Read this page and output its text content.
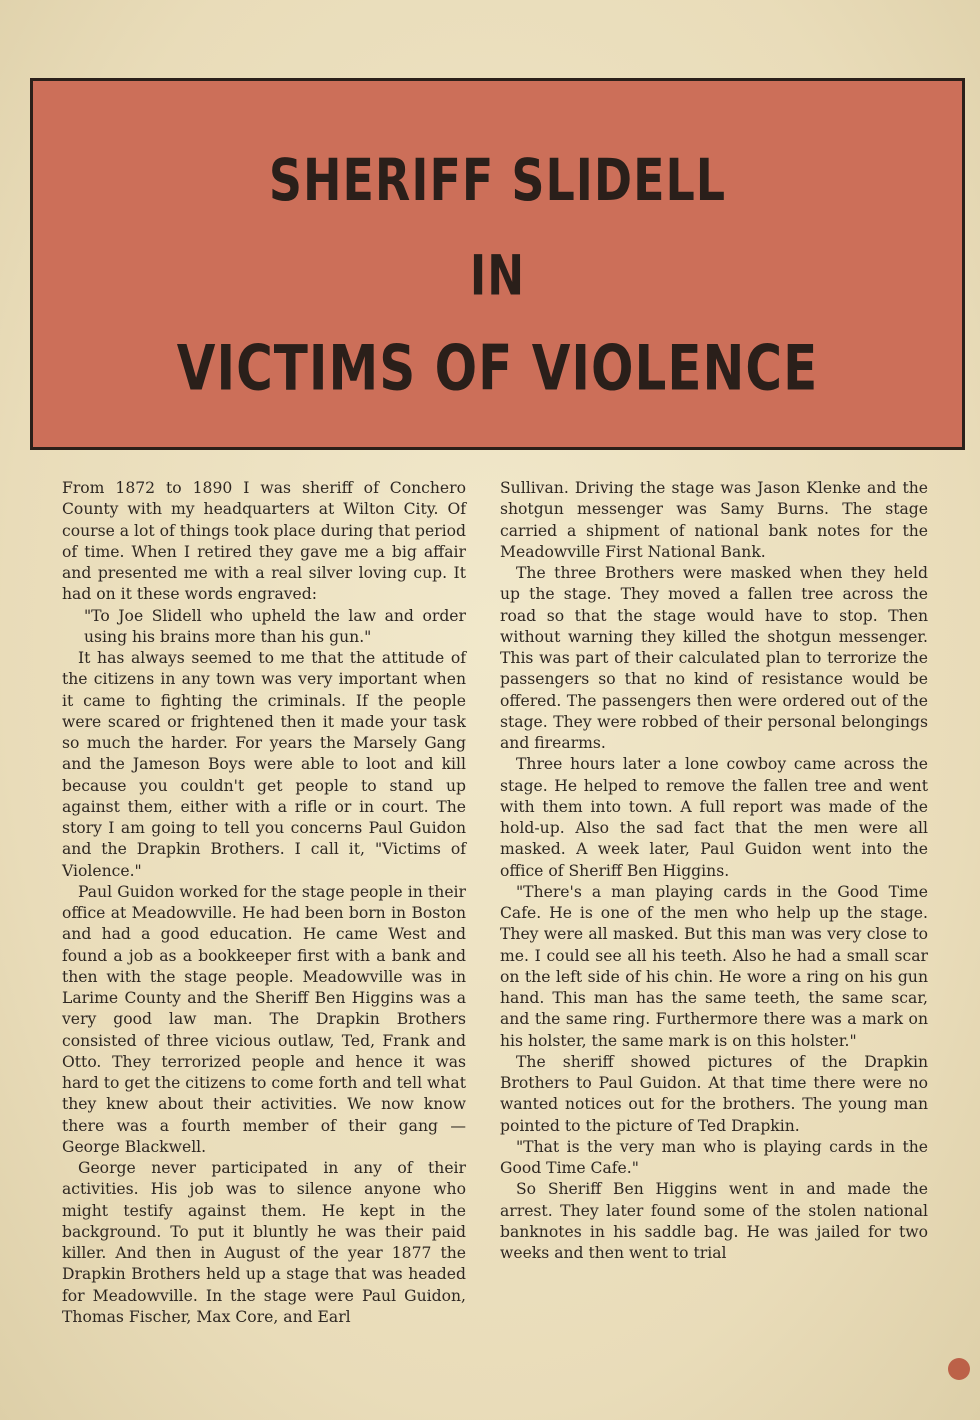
SHERIFF SLIDELL
IN
VICTIMS OF VIOLENCE

From 1872 to 1890 I was sheriff of Conchero County with my headquarters at Wilton City. Of course a lot of things took place during that period of time. When I retired they gave me a big affair and presented me with a real silver loving cup. It had on it these words engraved:

"To Joe Slidell who upheld the law and order using his brains more than his gun."

It has always seemed to me that the attitude of the citizens in any town was very important when it came to fighting the criminals. If the people were scared or frightened then it made your task so much the harder. For years the Marsely Gang and the Jameson Boys were able to loot and kill because you couldn't get people to stand up against them, either with a rifle or in court. The story I am going to tell you concerns Paul Guidon and the Drapkin Brothers. I call it, "Victims of Violence."

Paul Guidon worked for the stage people in their office at Meadowville. He had been born in Boston and had a good education. He came West and found a job as a bookkeeper first with a bank and then with the stage people. Meadowville was in Larime County and the Sheriff Ben Higgins was a very good law man. The Drapkin Brothers consisted of three vicious outlaw, Ted, Frank and Otto. They terrorized people and hence it was hard to get the citizens to come forth and tell what they knew about their activities. We now know there was a fourth member of their gang — George Blackwell.

George never participated in any of their activities. His job was to silence anyone who might testify against them. He kept in the background. To put it bluntly he was their paid killer. And then in August of the year 1877 the Drapkin Brothers held up a stage that was headed for Meadowville. In the stage were Paul Guidon, Thomas Fischer, Max Core, and Earl

Sullivan. Driving the stage was Jason Klenke and the shotgun messenger was Samy Burns. The stage carried a shipment of national bank notes for the Meadowville First National Bank.

The three Brothers were masked when they held up the stage. They moved a fallen tree across the road so that the stage would have to stop. Then without warning they killed the shotgun messenger. This was part of their calculated plan to terrorize the passengers so that no kind of resistance would be offered. The passengers then were ordered out of the stage. They were robbed of their personal belongings and firearms.

Three hours later a lone cowboy came across the stage. He helped to remove the fallen tree and went with them into town. A full report was made of the hold-up. Also the sad fact that the men were all masked. A week later, Paul Guidon went into the office of Sheriff Ben Higgins.

"There's a man playing cards in the Good Time Cafe. He is one of the men who help up the stage. They were all masked. But this man was very close to me. I could see all his teeth. Also he had a small scar on the left side of his chin. He wore a ring on his gun hand. This man has the same teeth, the same scar, and the same ring. Furthermore there was a mark on his holster, the same mark is on this holster."

The sheriff showed pictures of the Drapkin Brothers to Paul Guidon. At that time there were no wanted notices out for the brothers. The young man pointed to the picture of Ted Drapkin.

"That is the very man who is playing cards in the Good Time Cafe."

So Sheriff Ben Higgins went in and made the arrest. They later found some of the stolen national banknotes in his saddle bag. He was jailed for two weeks and then went to trial
